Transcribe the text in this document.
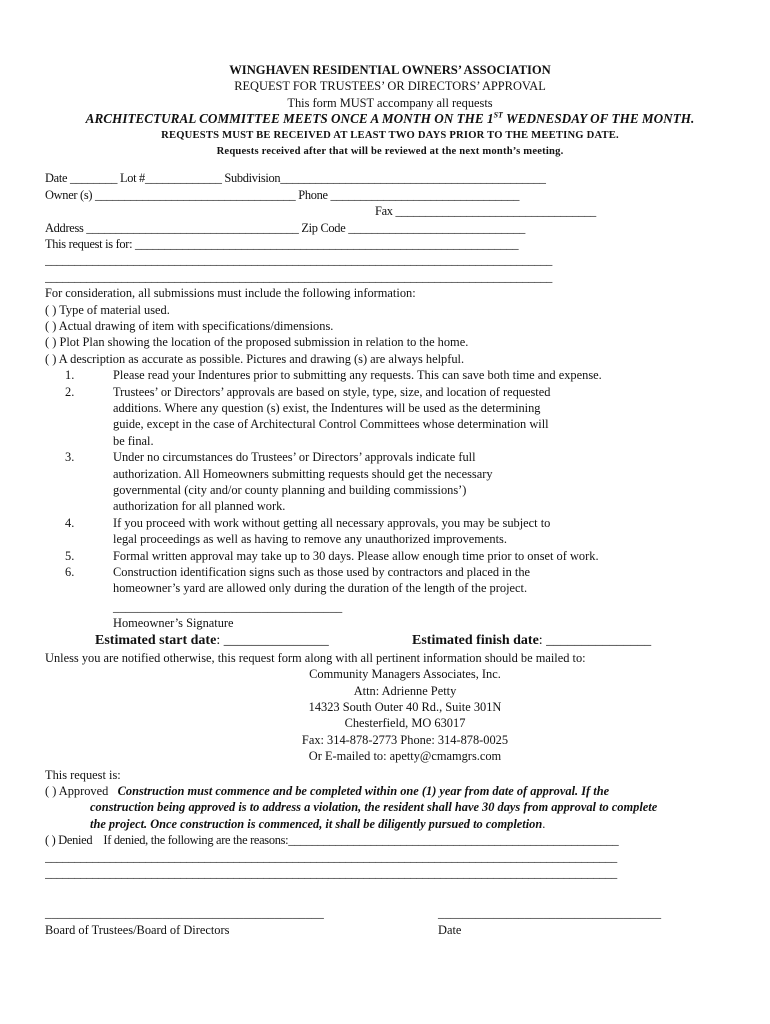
WINGHAVEN RESIDENTIAL OWNERS’ ASSOCIATION
REQUEST FOR TRUSTEES’ OR DIRECTORS’ APPROVAL
This form MUST accompany all requests
ARCHITECTURAL COMMITTEE MEETS ONCE A MONTH ON THE 1ST WEDNESDAY OF THE MONTH.
REQUESTS MUST BE RECEIVED AT LEAST TWO DAYS PRIOR TO THE MEETING DATE.
Requests received after that will be reviewed at the next month’s meeting.
Date ________ Lot #_____________ Subdivision_____________________________________________
Owner (s) __________________________________ Phone ________________________________
Fax __________________________________
Address ____________________________________ Zip Code ______________________________
This request is for: _________________________________________________________________
______________________________________________________________________________________
______________________________________________________________________________________
For consideration, all submissions must include the following information:
( ) Type of material used.
( ) Actual drawing of item with specifications/dimensions.
( ) Plot Plan showing the location of the proposed submission in relation to the home.
( ) A description as accurate as possible. Pictures and drawing (s) are always helpful.
1.	Please read your Indentures prior to submitting any requests. This can save both time and expense.
2.	Trustees’ or Directors’ approvals are based on style, type, size, and location of requested additions. Where any question (s) exist, the Indentures will be used as the determining guide, except in the case of Architectural Control Committees whose determination will be final.
3.	Under no circumstances do Trustees’ or Directors’ approvals indicate full authorization. All Homeowners submitting requests should get the necessary governmental (city and/or county planning and building commissions’) authorization for all planned work.
4.	If you proceed with work without getting all necessary approvals, you may be subject to legal proceedings as well as having to remove any unauthorized improvements.
5.	Formal written approval may take up to 30 days. Please allow enough time prior to onset of work.
6.	Construction identification signs such as those used by contractors and placed in the homeowner’s yard are allowed only during the duration of the length of the project.
_____________________________________
Homeowner’s Signature
Estimated start date: _______________	Estimated finish date: _______________
Unless you are notified otherwise, this request form along with all pertinent information should be mailed to:
Community Managers Associates, Inc.
Attn: Adrienne Petty
14323 South Outer 40 Rd., Suite 301N
Chesterfield, MO 63017
Fax: 314-878-2773 Phone: 314-878-0025
Or E-mailed to: apetty@cmamgrs.com
This request is:
( ) Approved   Construction must commence and be completed within one (1) year from date of approval. If the
construction being approved is to address a violation, the resident shall have 30 days from approval to complete
the project. Once construction is commenced, it shall be diligently pursued to completion.
( ) Denied    If denied, the following are the reasons:________________________________________________________
_________________________________________________________________________________________________
_________________________________________________________________________________________________
_____________________________________________
Board of Trustees/Board of Directors
____________________________________
Date
